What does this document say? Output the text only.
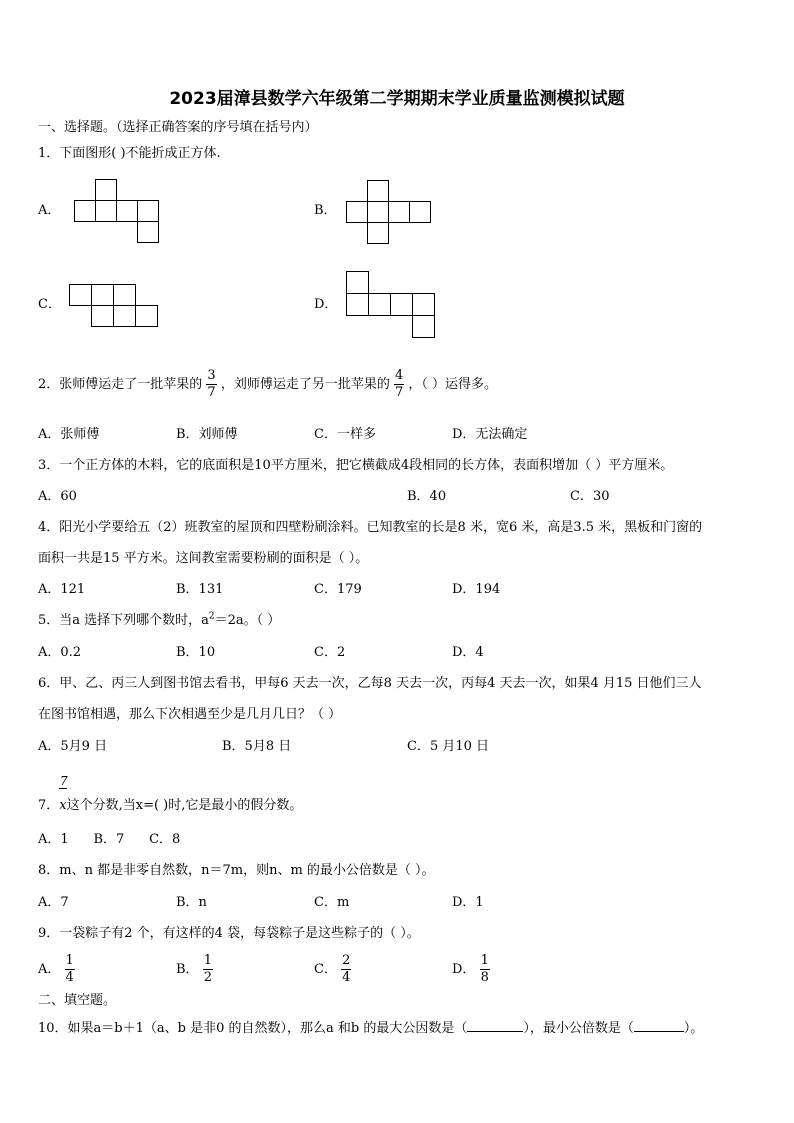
2023届漳县数学六年级第二学期期末学业质量监测模拟试题
一、选择题。（选择正确答案的序号填在括号内）
1．下面图形( )不能折成正方体.
A．	B．
C．	D．
2．张师傅运走了一批苹果的 $\frac{3}{7}$ ，刘师傅运走了另一批苹果的 $\frac{4}{7}$ ，（ ）运得多。
A．张师傅	B．刘师傅	C．一样多	D．无法确定
3．一个正方体的木料，它的底面积是10平方厘米，把它横截成4段相同的长方体，表面积增加（ ）平方厘米。
A．60	B．40	C．30
4．阳光小学要给五（2）班教室的屋顶和四壁粉刷涂料。已知教室的长是8 米，宽6 米，高是3.5 米，黑板和门窗的
面积一共是15 平方米。这间教室需要粉刷的面积是（ ）。
A．121	B．131	C．179	D．194
5．当a 选择下列哪个数时，$a^2=2a$。（ ）
A．0.2	B．10	C．2	D．4
6．甲、乙、丙三人到图书馆去看书，甲每6 天去一次，乙每8 天去一次，丙每4 天去一次，如果4 月15 日他们三人
在图书馆相遇，那么下次相遇至少是几月几日？（ ）
A．5月9 日	B．5月8 日	C．5 月10 日
7
7．x这个分数,当x=( )时,它是最小的假分数。
A．1      B．7      C．8
8．m、n 都是非零自然数，n＝7m，则n、m 的最小公倍数是（ ）。
A．7	B．n	C．m	D．1
9．一袋粽子有2 个，有这样的4 袋，每袋粽子是这些粽子的（ ）。
A． $\frac{1}{4}$	B． $\frac{1}{2}$	C． $\frac{2}{4}$	D． $\frac{1}{8}$
二、填空题。
10．如果a＝b＋1（a、b 是非0 的自然数），那么a 和b 的最大公因数是（	），最小公倍数是（	）。
